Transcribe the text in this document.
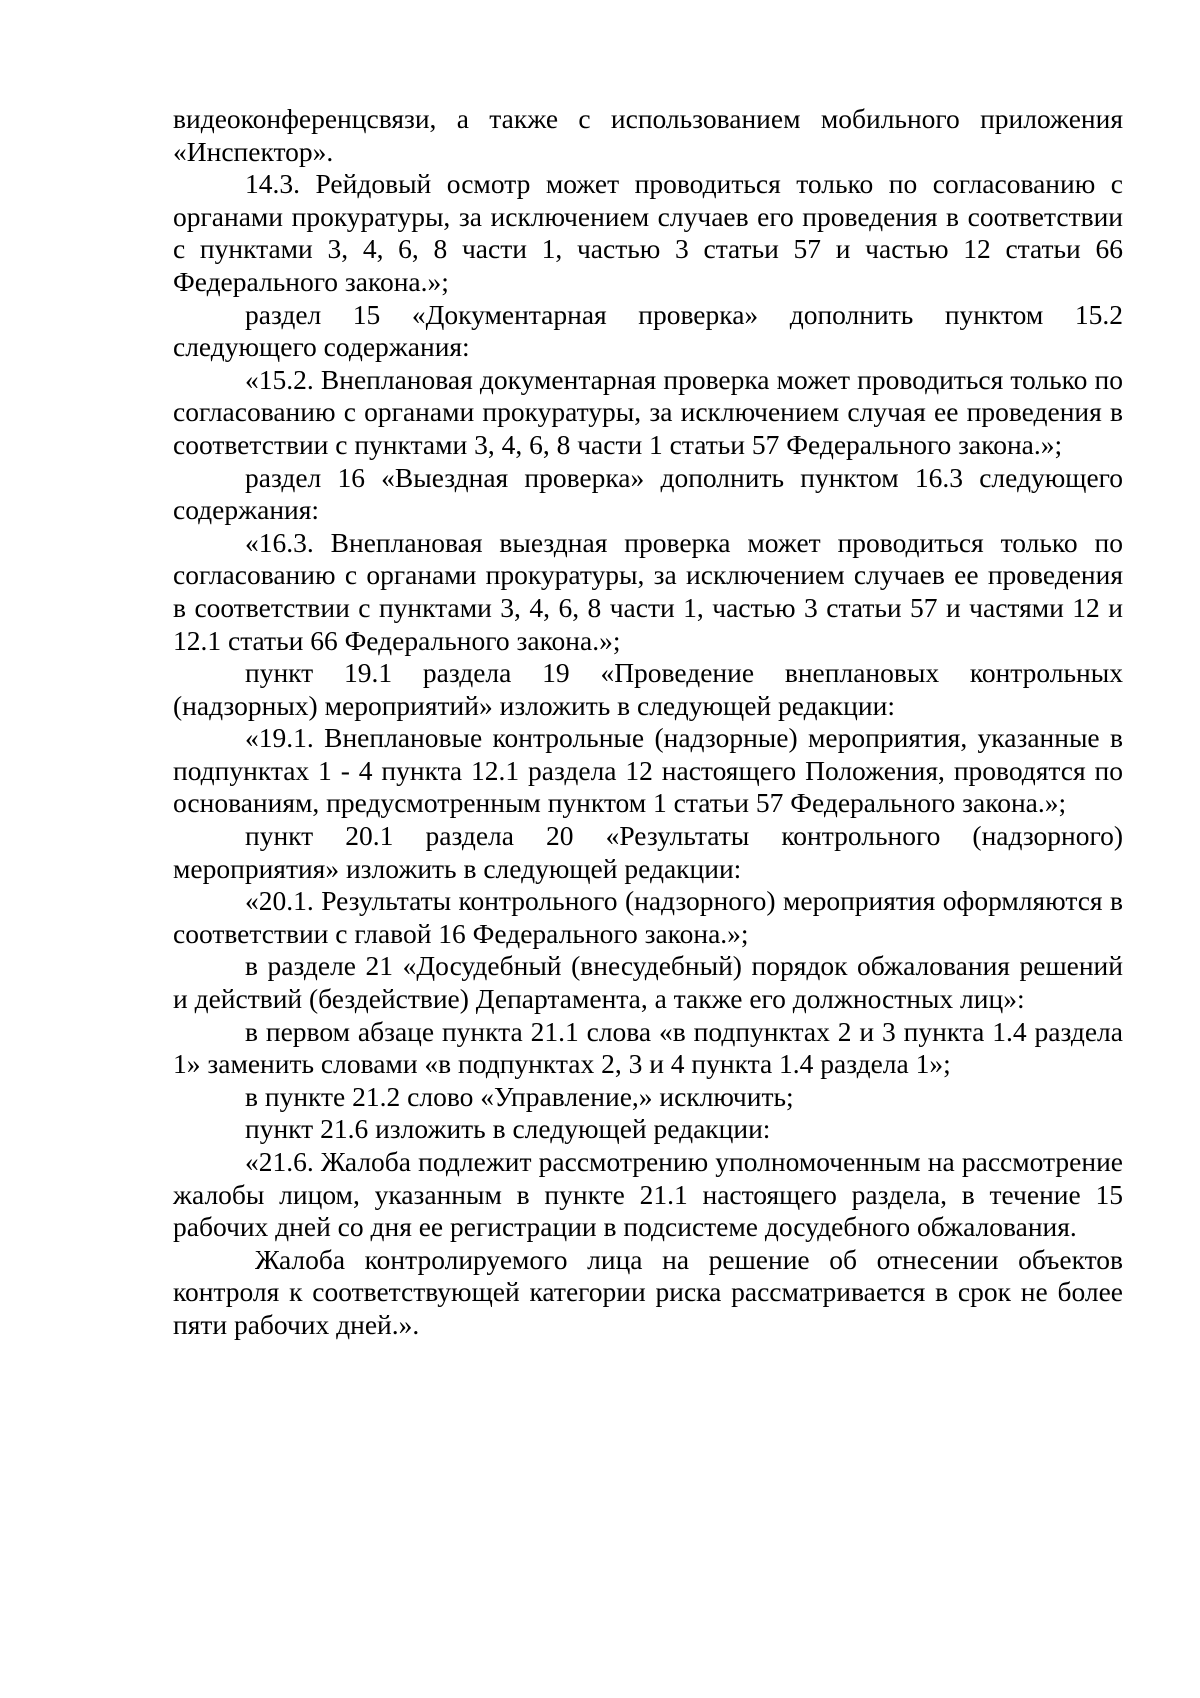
видеоконференцсвязи, а также с использованием мобильного приложения «Инспектор».

14.3. Рейдовый осмотр может проводиться только по согласованию с органами прокуратуры, за исключением случаев его проведения в соответствии с пунктами 3, 4, 6, 8 части 1, частью 3 статьи 57 и частью 12 статьи 66 Федерального закона.»;

раздел 15 «Документарная проверка» дополнить пунктом 15.2 следующего содержания:

«15.2. Внеплановая документарная проверка может проводиться только по согласованию с органами прокуратуры, за исключением случая ее проведения в соответствии с пунктами 3, 4, 6, 8 части 1 статьи 57 Федерального закона.»;

раздел 16 «Выездная проверка» дополнить пунктом 16.3 следующего содержания:

«16.3. Внеплановая выездная проверка может проводиться только по согласованию с органами прокуратуры, за исключением случаев ее проведения в соответствии с пунктами 3, 4, 6, 8 части 1, частью 3 статьи 57 и частями 12 и 12.1 статьи 66 Федерального закона.»;

пункт 19.1 раздела 19 «Проведение внеплановых контрольных (надзорных) мероприятий» изложить в следующей редакции:

«19.1. Внеплановые контрольные (надзорные) мероприятия, указанные в подпунктах 1 - 4 пункта 12.1 раздела 12 настоящего Положения, проводятся по основаниям, предусмотренным пунктом 1 статьи 57 Федерального закона.»;

пункт 20.1 раздела 20 «Результаты контрольного (надзорного) мероприятия» изложить в следующей редакции:

«20.1. Результаты контрольного (надзорного) мероприятия оформляются в соответствии с главой 16 Федерального закона.»;

в разделе 21 «Досудебный (внесудебный) порядок обжалования решений и действий (бездействие) Департамента, а также его должностных лиц»:

в первом абзаце пункта 21.1 слова «в подпунктах 2 и 3 пункта 1.4 раздела 1» заменить словами «в подпунктах 2, 3 и 4 пункта 1.4 раздела 1»;

в пункте 21.2 слово «Управление,» исключить;

пункт 21.6 изложить в следующей редакции:

«21.6. Жалоба подлежит рассмотрению уполномоченным на рассмотрение жалобы лицом, указанным в пункте 21.1 настоящего раздела, в течение 15 рабочих дней со дня ее регистрации в подсистеме досудебного обжалования.

Жалоба контролируемого лица на решение об отнесении объектов контроля к соответствующей категории риска рассматривается в срок не более пяти рабочих дней.».
